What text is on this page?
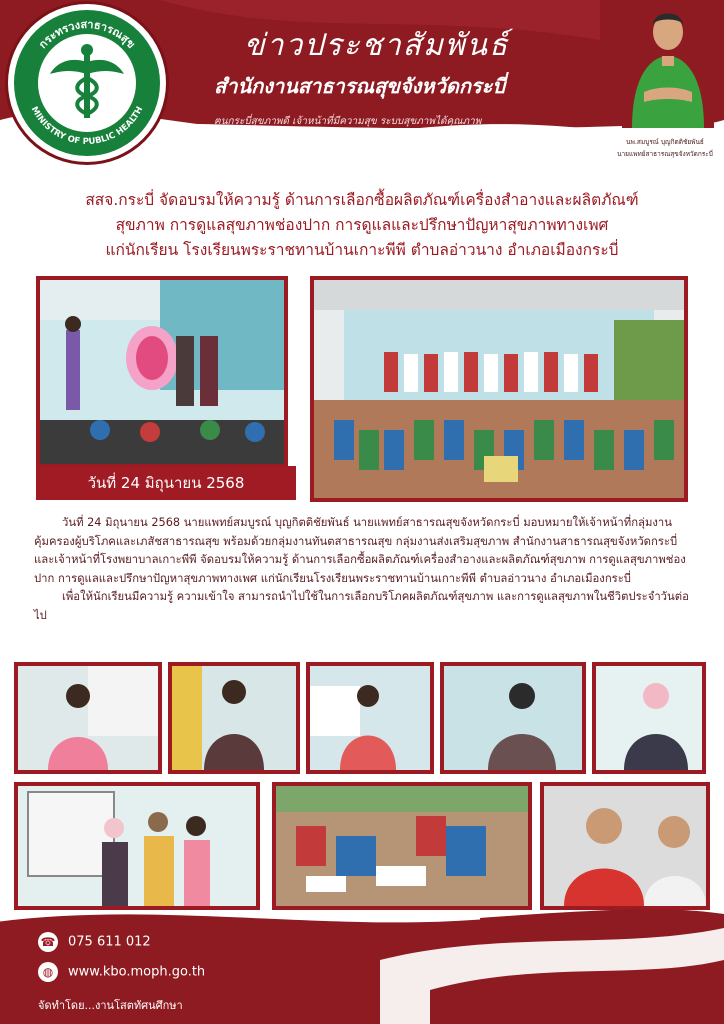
กระทรวงสาธารณสุข
MINISTRY OF PUBLIC HEALTH
ข่าวประชาสัมพันธ์
สำนักงานสาธารณสุขจังหวัดกระบี่
ฅนกระบี่สุขภาพดี เจ้าหน้าที่มีความสุข ระบบสุขภาพได้คุณภาพ
นพ.สมบูรณ์ บุญกิตติชัยพันธ์
นายแพทย์สาธารณสุขจังหวัดกระบี่
สสจ.กระบี่ จัดอบรมให้ความรู้ ด้านการเลือกซื้อผลิตภัณฑ์เครื่องสำอางและผลิตภัณฑ์
สุขภาพ การดูแลสุขภาพช่องปาก การดูแลและปรึกษาปัญหาสุขภาพทางเพศ
แก่นักเรียน โรงเรียนพระราชทานบ้านเกาะพีพี ตำบลอ่าวนาง อำเภอเมืองกระบี่
วันที่ 24 มิถุนายน 2568

วันที่ 24 มิถุนายน 2568 นายแพทย์สมบูรณ์ บุญกิตติชัยพันธ์ นายแพทย์สาธารณสุขจังหวัดกระบี่ มอบหมายให้เจ้าหน้าที่กลุ่มงานคุ้มครองผู้บริโภคและเภสัชสาธารณสุข พร้อมด้วยกลุ่มงานทันตสาธารณสุข กลุ่มงานส่งเสริมสุขภาพ สำนักงานสาธารณสุขจังหวัดกระบี่ และเจ้าหน้าที่โรงพยาบาลเกาะพีพี จัดอบรมให้ความรู้ ด้านการเลือกซื้อผลิตภัณฑ์เครื่องสำอางและผลิตภัณฑ์สุขภาพ การดูแลสุขภาพช่องปาก การดูแลและปรึกษาปัญหาสุขภาพทางเพศ แก่นักเรียนโรงเรียนพระราชทานบ้านเกาะพีพี ตำบลอ่าวนาง อำเภอเมืองกระบี่

เพื่อให้นักเรียนมีความรู้ ความเข้าใจ สามารถนำไปใช้ในการเลือกบริโภคผลิตภัณฑ์สุขภาพ และการดูแลสุขภาพในชีวิตประจำวันต่อไป

☎ 075 611 012
◍ www.kbo.moph.go.th
จัดทำโดย...งานโสตทัศนศึกษา
